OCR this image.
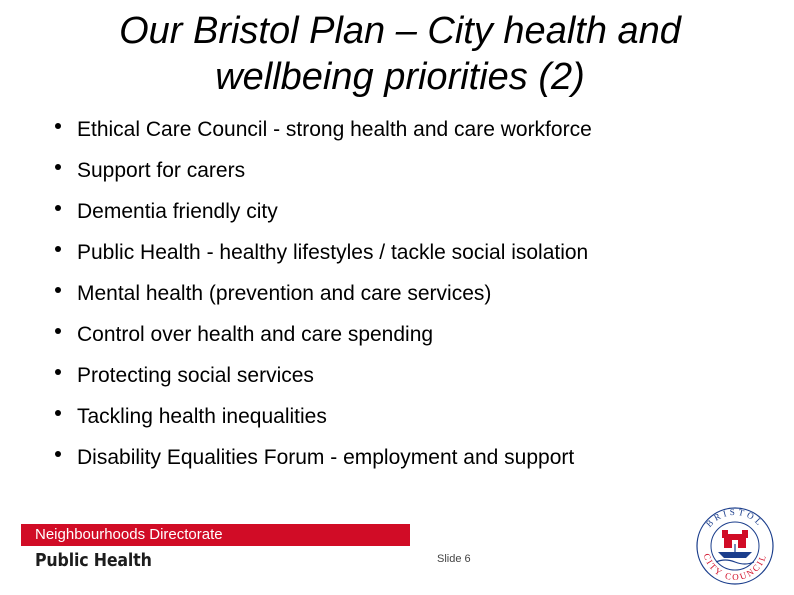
Our Bristol Plan – City health and
wellbeing priorities (2)
Ethical Care Council - strong health and care workforce
Support for carers
Dementia friendly city
Public Health - healthy lifestyles / tackle social isolation
Mental health (prevention and care services)
Control over health and care spending
Protecting social services
Tackling health inequalities
Disability Equalities Forum - employment and support
Neighbourhoods Directorate
Public Health	Slide 6
BRISTOL
CITY COUNCIL
